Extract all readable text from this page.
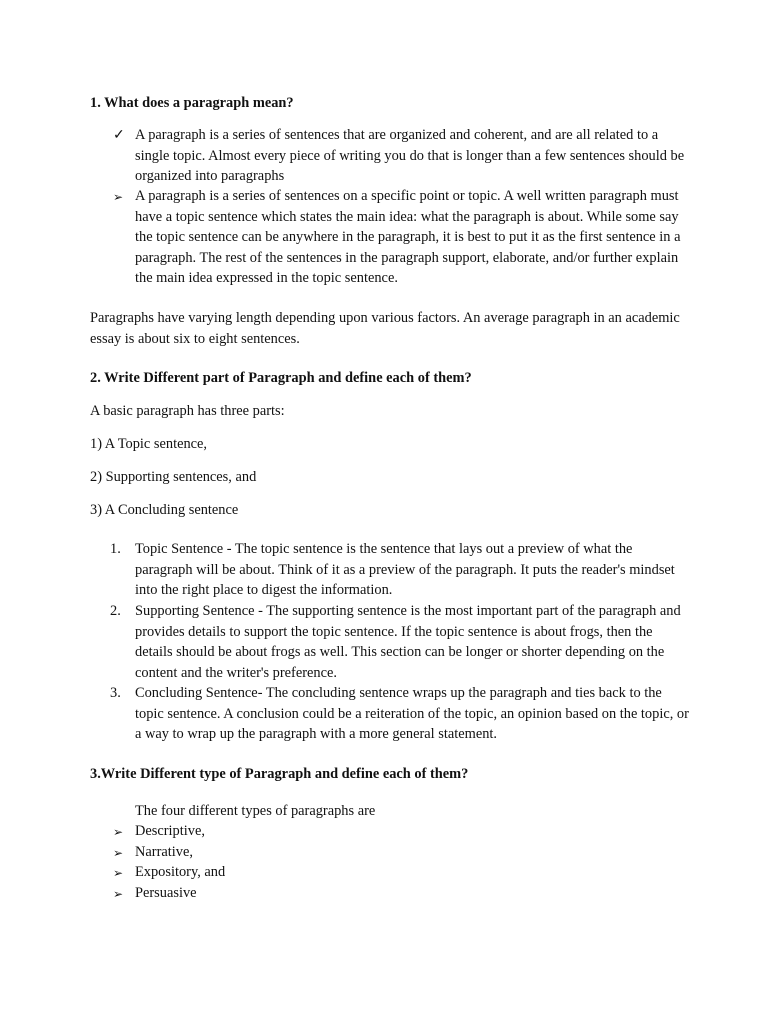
1. What does a paragraph mean?
✓ A paragraph is a series of sentences that are organized and coherent, and are all related to a single topic. Almost every piece of writing you do that is longer than a few sentences should be organized into paragraphs
➢ A paragraph is a series of sentences on a specific point or topic. A well written paragraph must have a topic sentence which states the main idea: what the paragraph is about. While some say the topic sentence can be anywhere in the paragraph, it is best to put it as the first sentence in a paragraph. The rest of the sentences in the paragraph support, elaborate, and/or further explain the main idea expressed in the topic sentence.
Paragraphs have varying length depending upon various factors. An average paragraph in an academic essay is about six to eight sentences.
2. Write Different part of Paragraph and define each of them?
A basic paragraph has three parts:
1) A Topic sentence,
2) Supporting sentences, and
3) A Concluding sentence
1. Topic Sentence - The topic sentence is the sentence that lays out a preview of what the paragraph will be about. Think of it as a preview of the paragraph. It puts the reader's mindset into the right place to digest the information.
2. Supporting Sentence - The supporting sentence is the most important part of the paragraph and provides details to support the topic sentence. If the topic sentence is about frogs, then the details should be about frogs as well. This section can be longer or shorter depending on the content and the writer's preference.
3. Concluding Sentence- The concluding sentence wraps up the paragraph and ties back to the topic sentence. A conclusion could be a reiteration of the topic, an opinion based on the topic, or a way to wrap up the paragraph with a more general statement.
3.Write Different type of Paragraph and define each of them?
The four different types of paragraphs are
➢ Descriptive,
➢ Narrative,
➢ Expository, and
➢ Persuasive
